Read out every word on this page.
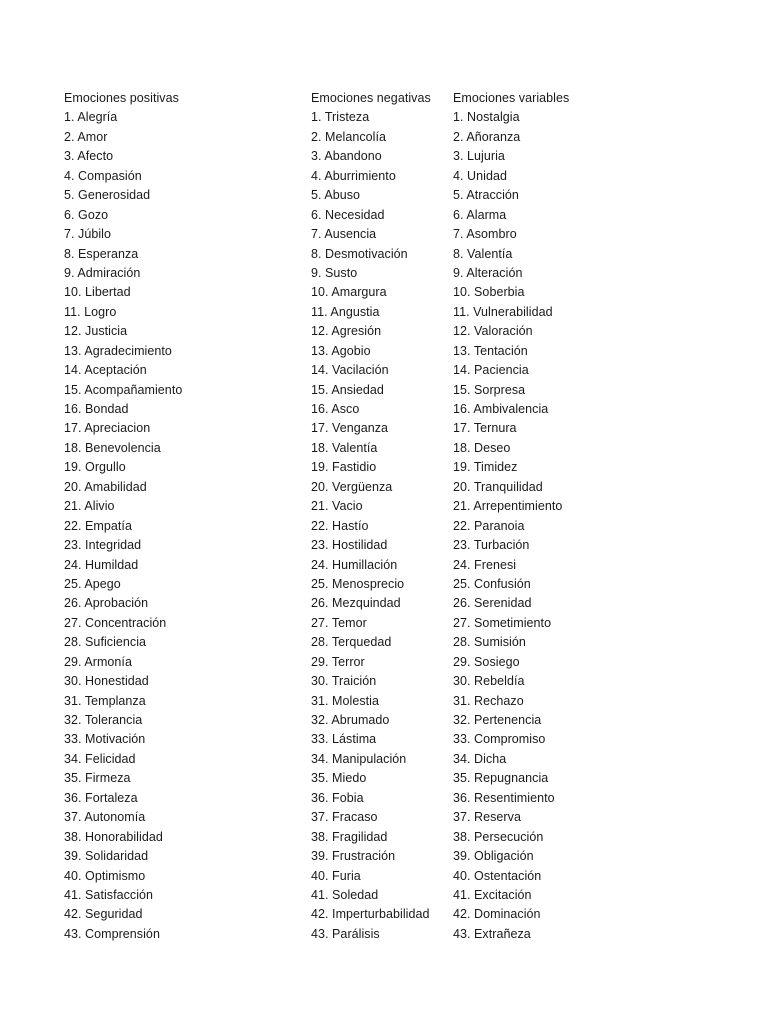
Emociones positivas
1. Alegría
2. Amor
3. Afecto
4. Compasión
5. Generosidad
6. Gozo
7. Júbilo
8. Esperanza
9. Admiración
10. Libertad
11. Logro
12. Justicia
13. Agradecimiento
14. Aceptación
15. Acompañamiento
16. Bondad
17. Apreciacion
18. Benevolencia
19. Orgullo
20. Amabilidad
21. Alivio
22. Empatía
23. Integridad
24. Humildad
25. Apego
26. Aprobación
27. Concentración
28. Suficiencia
29. Armonía
30. Honestidad
31. Templanza
32. Tolerancia
33. Motivación
34. Felicidad
35. Firmeza
36. Fortaleza
37. Autonomía
38. Honorabilidad
39. Solidaridad
40. Optimismo
41. Satisfacción
42. Seguridad
43. Comprensión
Emociones negativas
1. Tristeza
2. Melancolía
3. Abandono
4. Aburrimiento
5. Abuso
6. Necesidad
7. Ausencia
8. Desmotivación
9. Susto
10. Amargura
11. Angustia
12. Agresión
13. Agobio
14. Vacilación
15. Ansiedad
16. Asco
17. Venganza
18. Valentía
19. Fastidio
20. Vergüenza
21. Vacio
22. Hastío
23. Hostilidad
24. Humillación
25. Menosprecio
26. Mezquindad
27. Temor
28. Terquedad
29. Terror
30. Traición
31. Molestia
32. Abrumado
33. Lástima
34. Manipulación
35. Miedo
36. Fobia
37. Fracaso
38. Fragilidad
39. Frustración
40. Furia
41. Soledad
42. Imperturbabilidad
43. Parálisis
Emociones variables
1. Nostalgia
2. Añoranza
3. Lujuria
4. Unidad
5. Atracción
6. Alarma
7. Asombro
8. Valentía
9. Alteración
10. Soberbia
11. Vulnerabilidad
12. Valoración
13. Tentación
14. Paciencia
15. Sorpresa
16. Ambivalencia
17. Ternura
18. Deseo
19. Timidez
20. Tranquilidad
21. Arrepentimiento
22. Paranoia
23. Turbación
24. Frenesi
25. Confusión
26. Serenidad
27. Sometimiento
28. Sumisión
29. Sosiego
30. Rebeldía
31. Rechazo
32. Pertenencia
33. Compromiso
34. Dicha
35. Repugnancia
36. Resentimiento
37. Reserva
38. Persecución
39. Obligación
40. Ostentación
41. Excitación
42. Dominación
43. Extrañeza
